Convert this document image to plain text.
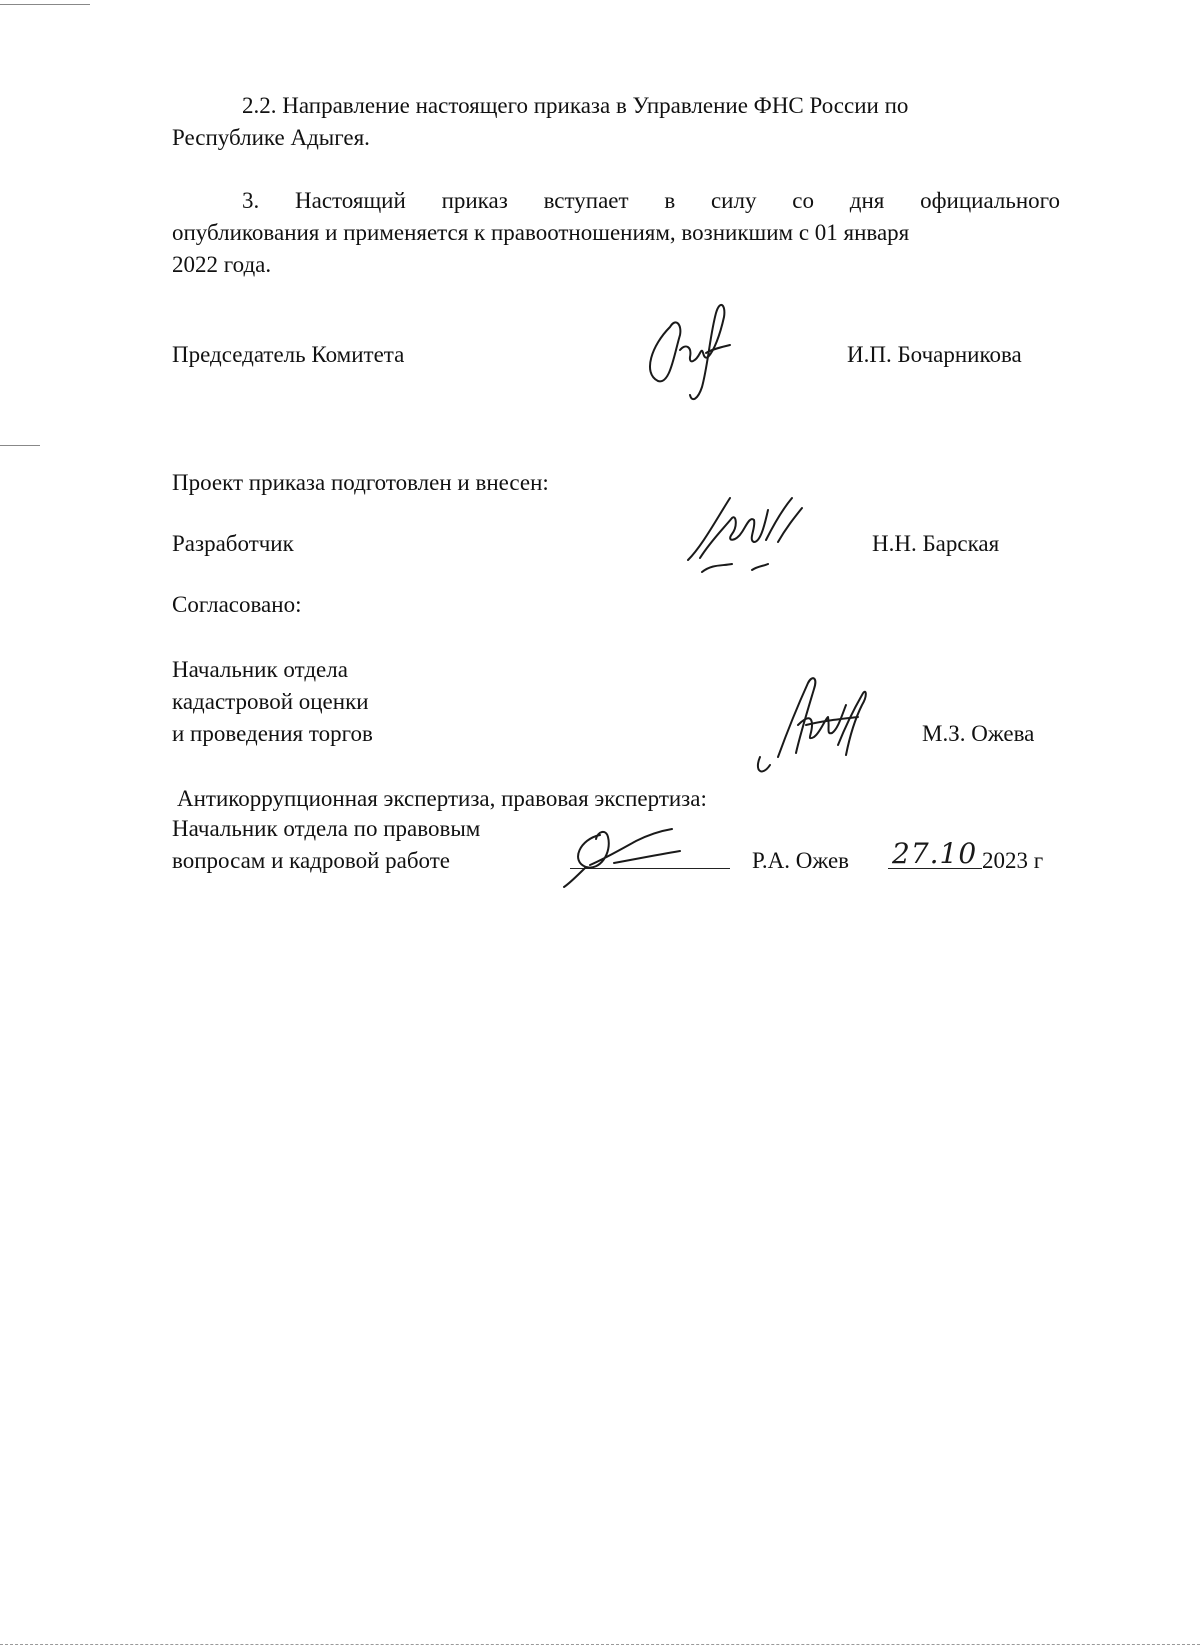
2.2. Направление настоящего приказа в Управление ФНС России по
Республике Адыгея.
3. Настоящий приказ вступает в силу со дня официального
опубликования и применяется к правоотношениям, возникшим с 01 января
2022 года.
Председатель Комитета	И.П. Бочарникова
Проект приказа подготовлен и внесен:
Разработчик	Н.Н. Барская
Согласовано:
Начальник отдела
кадастровой оценки
и проведения торгов	М.З. Ожева
Антикоррупционная экспертиза, правовая экспертиза:
Начальник отдела по правовым
вопросам и кадровой работе	Р.А. Ожев 27.10 2023 г
